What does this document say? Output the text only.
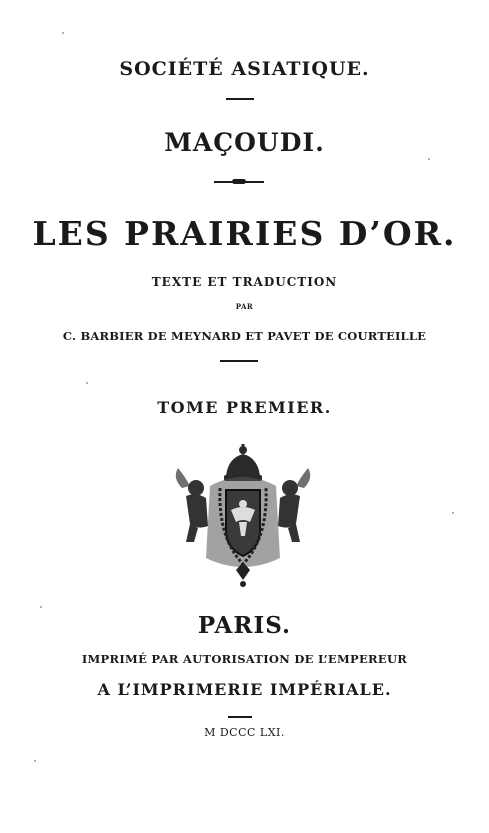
SOCIÉTÉ ASIATIQUE.
MAÇOUDI.
LES PRAIRIES D’OR.
TEXTE ET TRADUCTION
PAR
C. BARBIER DE MEYNARD ET PAVET DE COURTEILLE
TOME PREMIER.
PARIS.
IMPRIMÉ PAR AUTORISATION DE L’EMPEREUR
A L’IMPRIMERIE IMPÉRIALE.
M DCCC LXI.
